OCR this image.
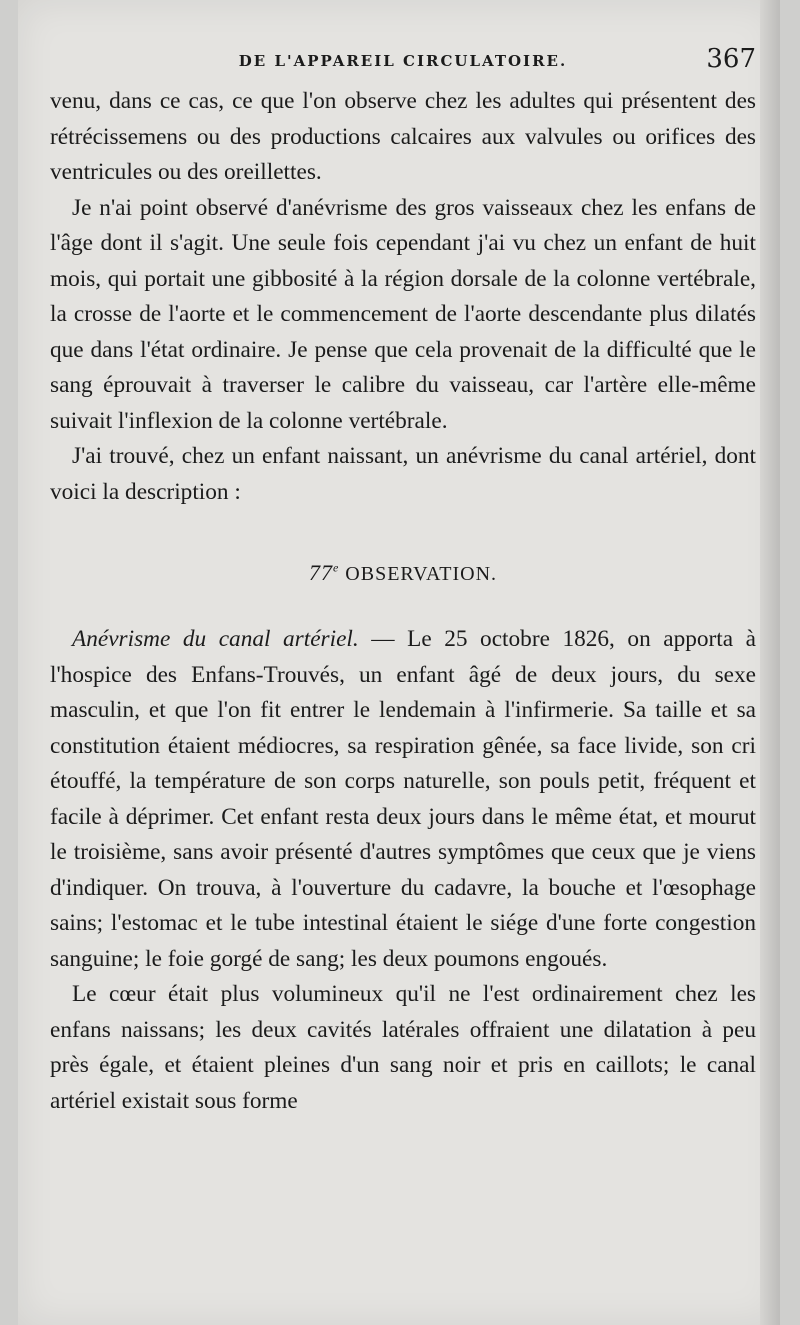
DE L'APPAREIL CIRCULATOIRE.	367

venu, dans ce cas, ce que l'on observe chez les adultes qui présentent des rétrécissemens ou des productions calcaires aux valvules ou orifices des ventricules ou des oreillettes.

Je n'ai point observé d'anévrisme des gros vaisseaux chez les enfans de l'âge dont il s'agit. Une seule fois cependant j'ai vu chez un enfant de huit mois, qui portait une gibbosité à la région dorsale de la colonne vertébrale, la crosse de l'aorte et le commencement de l'aorte descendante plus dilatés que dans l'état ordinaire. Je pense que cela provenait de la difficulté que le sang éprouvait à traverser le calibre du vaisseau, car l'artère elle-même suivait l'inflexion de la colonne vertébrale.

J'ai trouvé, chez un enfant naissant, un anévrisme du canal artériel, dont voici la description :

77e OBSERVATION.

Anévrisme du canal artériel. — Le 25 octobre 1826, on apporta à l'hospice des Enfans-Trouvés, un enfant âgé de deux jours, du sexe masculin, et que l'on fit entrer le lendemain à l'infirmerie. Sa taille et sa constitution étaient médiocres, sa respiration gênée, sa face livide, son cri étouffé, la température de son corps naturelle, son pouls petit, fréquent et facile à déprimer. Cet enfant resta deux jours dans le même état, et mourut le troisième, sans avoir présenté d'autres symptômes que ceux que je viens d'indiquer. On trouva, à l'ouverture du cadavre, la bouche et l'œsophage sains; l'estomac et le tube intestinal étaient le siége d'une forte congestion sanguine; le foie gorgé de sang; les deux poumons engoués.

Le cœur était plus volumineux qu'il ne l'est ordinairement chez les enfans naissans; les deux cavités latérales offraient une dilatation à peu près égale, et étaient pleines d'un sang noir et pris en caillots; le canal artériel existait sous forme
